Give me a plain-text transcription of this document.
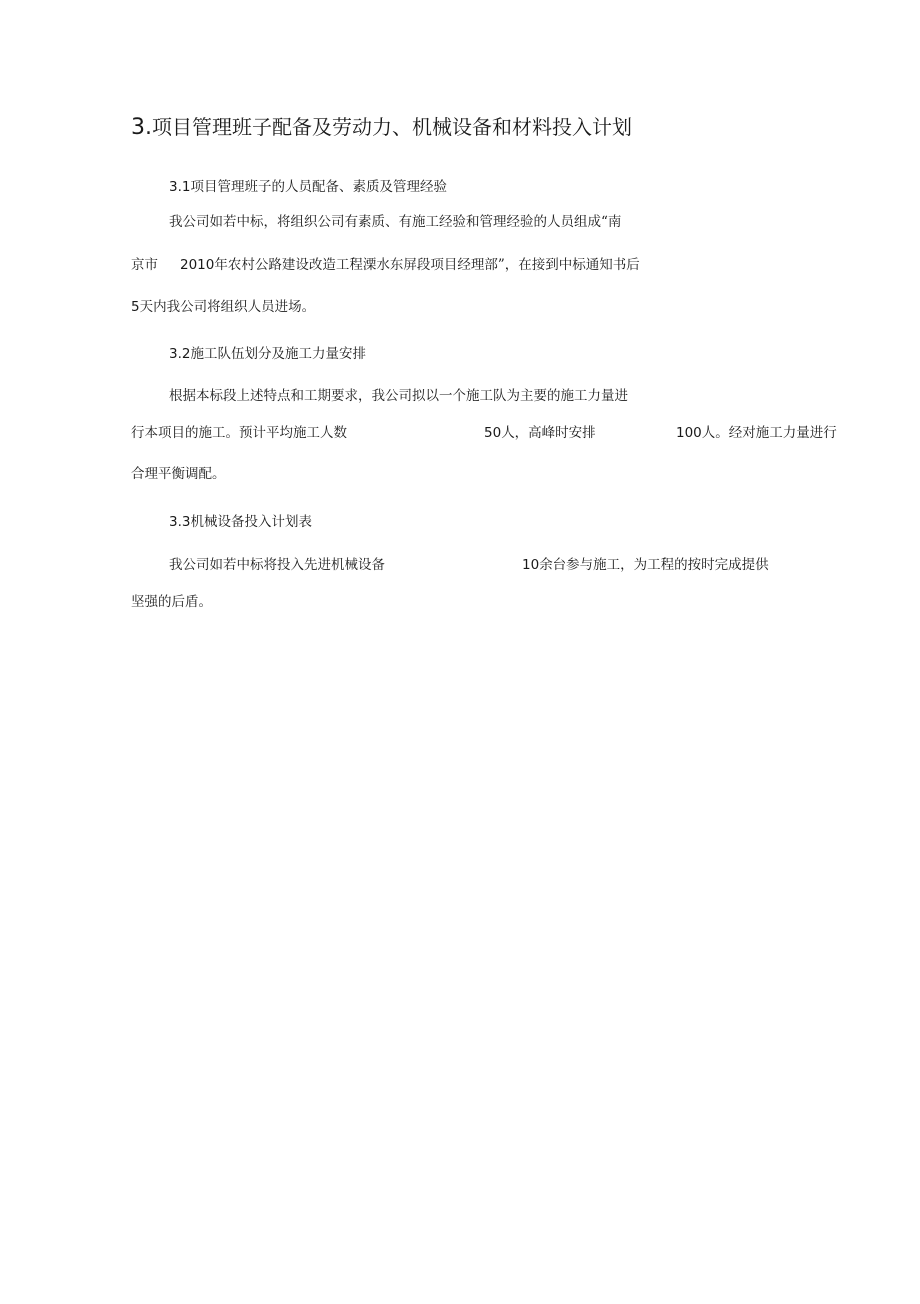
3.项目管理班子配备及劳动力、机械设备和材料投入计划
3.1项目管理班子的人员配备、素质及管理经验
我公司如若中标，将组织公司有素质、有施工经验和管理经验的人员组成“南
京市 2010年农村公路建设改造工程溧水东屏段项目经理部”，在接到中标通知书后
5天内我公司将组织人员进场。
3.2施工队伍划分及施工力量安排
根据本标段上述特点和工期要求，我公司拟以一个施工队为主要的施工力量进
行本项目的施工。预计平均施工人数	50人，高峰时安排	100人。经对施工力量进行
合理平衡调配。
3.3机械设备投入计划表
我公司如若中标将投入先进机械设备	10余台参与施工，为工程的按时完成提供
坚强的后盾。
